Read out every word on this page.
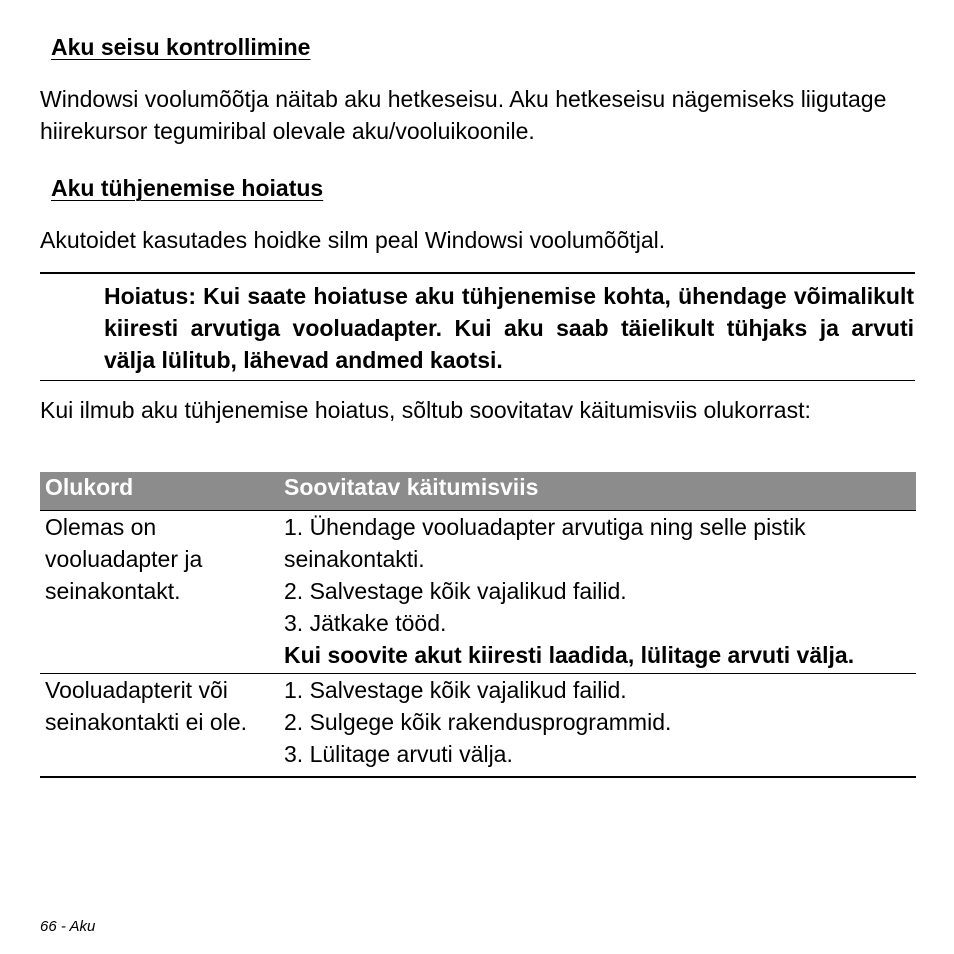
Aku seisu kontrollimine

Windowsi voolumõõtja näitab aku hetkeseisu. Aku hetkeseisu nägemiseks liigutage hiirekursor tegumiribal olevale aku/vooluikoonile.

Aku tühjenemise hoiatus

Akutoidet kasutades hoidke silm peal Windowsi voolumõõtjal.

Hoiatus: Kui saate hoiatuse aku tühjenemise kohta, ühendage võimalikult kiiresti arvutiga vooluadapter. Kui aku saab täielikult tühjaks ja arvuti välja lülitub, lähevad andmed kaotsi.

Kui ilmub aku tühjenemise hoiatus, sõltub soovitatav käitumisviis olukorrast:

Olukord	Soovitatav käitumisviis
Olemas on vooluadapter ja seinakontakt.	1. Ühendage vooluadapter arvutiga ning selle pistik seinakontakti.
2. Salvestage kõik vajalikud failid.
3. Jätkake tööd.
Kui soovite akut kiiresti laadida, lülitage arvuti välja.

Vooluadapterit või seinakontakti ei ole.	1. Salvestage kõik vajalikud failid.
2. Sulgege kõik rakendusprogrammid.
3. Lülitage arvuti välja.

66 - Aku
